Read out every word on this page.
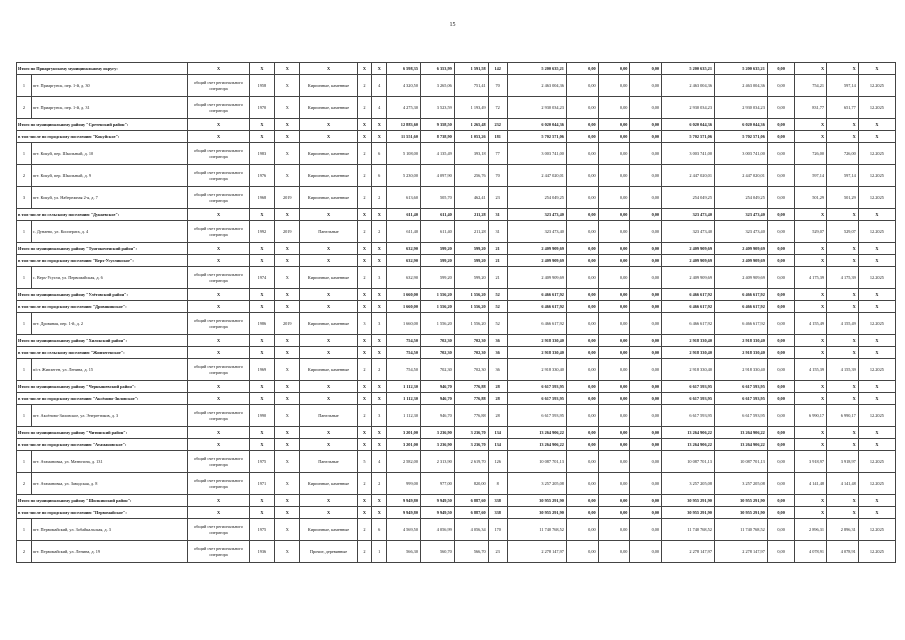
15
Итого по Приаргунскому муниципальному округу:		Х	Х	Х	Х	Х	Х	6 598,35	6 353,99	1 591,58	142	5 200 635,21	0,00	0,00	0,00	5 200 635,21	5 200 635,21	0,00	Х	Х	Х
1	пгт. Приаргунск, пер. 1-й, д. 30	общий счет регионального оператора	1958	Х	Кирпичные, каменные	2	4	4 320,50	3 265,06	751,41	70	2 463 004,36	0,00	0,00	0,00	2 463 004,36	2 463 004,36	0,00	754,21	597,14	12.2025
2	пгт. Приаргунск, пер. 1-й, д. 31	общий счет регионального оператора	1970	Х	Кирпичные, каменные	2	4	4 275,30	3 523,59	1 193,49	72	2 930 034,23	0,00	0,00	0,00	2 930 034,23	2 930 034,23	0,00	831,77	651,77	12.2025
Итого по муниципальному району "Сретенский район":		Х	Х	Х	Х	Х	Х	12 883,60	9 358,50	1 265,48	232	6 020 044,36	0,00	0,00	0,00	6 020 044,36	6 020 044,36	0,00	Х	Х	Х
в том числе по городскому поселению "Кокуйское":		Х	Х	Х	Х	Х	Х	11 551,60	8 738,90	1 053,26	181	5 702 571,06	0,00	0,00	0,00	5 702 571,06	5 702 571,06	0,00	Х	Х	Х
1	пгт. Кокуй, пер. Школьный, д. 10	общий счет регионального оператора	1983	Х	Кирпичные, каменные	2	6	5 108,00	4 135,49	393,18	77	3 003 741,00	0,00	0,00	0,00	3 003 741,00	3 003 741,00	0,00	726,00	726,00	12.2025
2	пгт. Кокуй, пер. Школьный, д. 9	общий счет регионального оператора	1976	Х	Кирпичные, каменные	2	6	5 230,00	4 097,90	256,76	70	2 447 020,01	0,00	0,00	0,00	2 447 020,01	2 447 020,01	0,00	597,14	597,14	12.2025
3	пгт. Кокуй, ул. Набережная 2-я, д. 7	общий счет регионального оператора	1968	2019	Кирпичные, каменные	2	2	613,60	505,70	462,41	23	254 049,25	0,00	0,00	0,00	254 049,25	254 049,25	0,00	501,29	501,29	12.2025
в том числе по сельскому поселению "Дунаевское":		Х	Х	Х	Х	Х	Х	611,40	611,40	211,28	31	323 473,40	0,00	0,00	0,00	323 473,40	323 473,40	0,00	Х	Х	Х
1	с. Дунаево, ул. Кооперата, д. 4	общий счет регионального оператора	1992	2019	Панельные	2	2	611,40	611,40	211,28	31	323 473,40	0,00	0,00	0,00	323 473,40	323 473,40	0,00	529,07	529,07	12.2025
Итого по муниципальному району "Тунгокоченский район":		Х	Х	Х	Х	Х	Х	632,90	599,20	599,20	21	2 409 909,69	0,00	0,00	0,00	2 409 909,69	2 409 909,69	0,00	Х	Х	Х
в том числе по городскому поселению "Верх-Усуглинское":		Х	Х	Х	Х	Х	Х	632,90	599,20	599,20	21	2 409 909,69	0,00	0,00	0,00	2 409 909,69	2 409 909,69	0,00	Х	Х	Х
1	с. Верх-Усугли, ул. Первомайская, д. 6	общий счет регионального оператора	1974	Х	Кирпичные, каменные	2	3	632,90	599,20	599,20	21	2 409 909,69	0,00	0,00	0,00	2 409 909,69	2 409 909,69	0,00	4 175,39	4 175,39	12.2025
Итого по муниципальному району "Улётовский район":		Х	Х	Х	Х	Х	Х	1 660,00	1 556,20	1 556,20	52	6 466 617,92	0,00	0,00	0,00	6 466 617,92	6 466 617,92	0,00	Х	Х	Х
в том числе по городскому поселению "Дровянинское":		Х	Х	Х	Х	Х	Х	1 660,00	1 556,20	1 556,20	52	6 466 617,92	0,00	0,00	0,00	6 466 617,92	6 466 617,92	0,00	Х	Х	Х
1	пгт. Дровяная, пер. 1-й, д. 2	общий счет регионального оператора	1986	2019	Кирпичные, каменные	3	3	1 660,00	1 556,20	1 556,20	52	6 466 617,92	0,00	0,00	0,00	6 466 617,92	6 466 617,92	0,00	4 155,49	4 155,49	12.2025
Итого по муниципальному району "Хилокский район":		Х	Х	Х	Х	Х	Х	754,50	702,30	702,30	36	2 918 330,40	0,00	0,00	0,00	2 918 330,40	2 918 330,40	0,00	Х	Х	Х
в том числе по сельскому поселению "Жипхегенское":		Х	Х	Х	Х	Х	Х	754,50	702,30	702,30	36	2 918 330,40	0,00	0,00	0,00	2 918 330,40	2 918 330,40	0,00	Х	Х	Х
1	п/ст. Жипхеген, ул. Ленина, д. 15	общий счет регионального оператора	1969	Х	Кирпичные, каменные	2	2	754,50	702,30	702,30	36	2 918 330,40	0,00	0,00	0,00	2 918 330,40	2 918 330,40	0,00	4 155,39	4 155,39	12.2025
Итого по муниципальному району "Чернышевский район":		Х	Х	Х	Х	Х	Х	1 112,30	946,70	776,88	28	6 617 593,95	0,00	0,00	0,00	6 617 593,95	6 617 593,95	0,00	Х	Х	Х
в том числе по городскому поселению "Аксёново-Зиловское":		Х	Х	Х	Х	Х	Х	1 112,30	946,70	776,88	28	6 617 593,95	0,00	0,00	0,00	6 617 593,95	6 617 593,95	0,00	Х	Х	Х
1	пгт. Аксёново-Зиловское, ул. Энергетиков, д. 3	общий счет регионального оператора	1990	Х	Панельные	2	3	1 112,30	946,70	776,88	28	6 617 593,95	0,00	0,00	0,00	6 617 593,95	6 617 593,95	0,00	6 990,17	6 990,17	12.2025
Итого по муниципальному району "Читинский район":		Х	Х	Х	Х	Х	Х	3 201,00	3 236,90	3 236,70	134	13 264 906,22	0,00	0,00	0,00	13 264 906,22	13 264 906,22	0,00	Х	Х	Х
в том числе по городскому поселению "Атамановское":		Х	Х	Х	Х	Х	Х	3 201,00	3 236,90	3 236,70	134	13 264 906,22	0,00	0,00	0,00	13 264 906,22	13 264 906,22	0,00	Х	Х	Х
1	пгт. Атамановка, ул. Матюгина, д. 131	общий счет регионального оператора	1975	Х	Панельные	5	4	2 582,00	2 313,90	2 619,70	126	10 087 701,13	0,00	0,00	0,00	10 087 701,13	10 087 701,13	0,00	3 918,97	3 918,97	12.2025
2	пгт. Атамановка, ул. Заводская, д. 8	общий счет регионального оператора	1971	Х	Кирпичные, каменные	2	2	999,00	977,00	820,00	8	3 257 205,08	0,00	0,00	0,00	3 257 205,08	3 257 205,08	0,00	4 141,48	4 141,48	12.2025
Итого по муниципальному району "Шилкинский район":		Х	Х	Х	Х	Х	Х	9 949,80	9 949,50	6 887,60	338	30 955 291,90	0,00	0,00	0,00	30 955 291,90	30 955 291,90	0,00	Х	Х	Х
в том числе по городскому поселению "Первомайское":		Х	Х	Х	Х	Х	Х	9 949,80	9 949,50	6 887,60	338	30 955 291,90	0,00	0,00	0,00	30 955 291,90	30 955 291,90	0,00	Х	Х	Х
1	пгт. Первомайский, ул. Зобайкальская, д. 3	общий счет регионального оператора	1975	Х	Кирпичные, каменные	2	6	4 569,50	4 056,99	4 056,34	170	11 740 768,52	0,00	0,00	0,00	11 740 768,52	11 740 768,52	0,00	2 896,31	2 896,31	12.2025
2	пгт. Первомайский, ул. Ленина, д. 19	общий счет регионального оператора	1936	Х	Прочие, деревянные	2	1	566,30	560,70	566,70	23	2 278 147,97	0,00	0,00	0,00	2 278 147,97	2 278 147,97	0,00	4 078,91	4 078,91	12.2025
